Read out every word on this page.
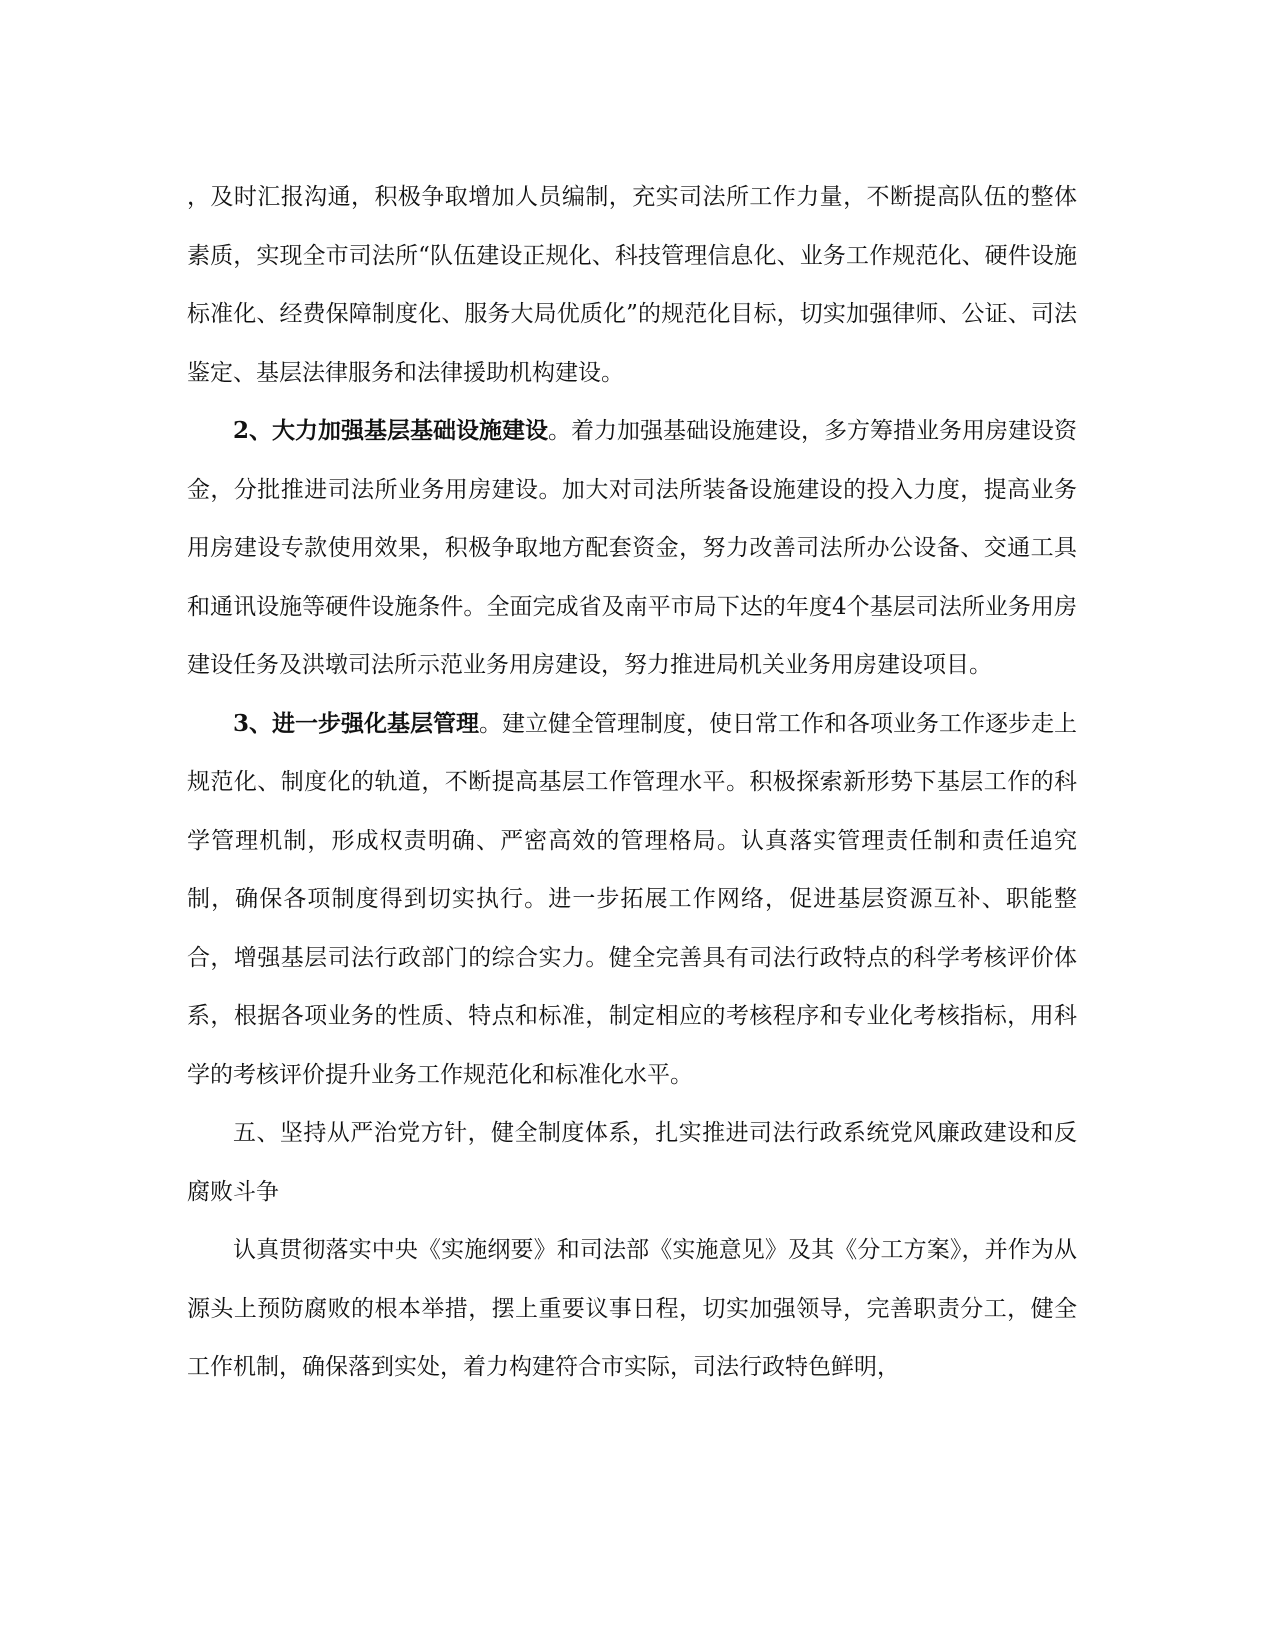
，及时汇报沟通，积极争取增加人员编制，充实司法所工作力量，不断提高队伍的整体素质，实现全市司法所“队伍建设正规化、科技管理信息化、业务工作规范化、硬件设施标准化、经费保障制度化、服务大局优质化”的规范化目标，切实加强律师、公证、司法鉴定、基层法律服务和法律援助机构建设。

2、大力加强基层基础设施建设。着力加强基础设施建设，多方筹措业务用房建设资金，分批推进司法所业务用房建设。加大对司法所装备设施建设的投入力度，提高业务用房建设专款使用效果，积极争取地方配套资金，努力改善司法所办公设备、交通工具和通讯设施等硬件设施条件。全面完成省及南平市局下达的年度4个基层司法所业务用房建设任务及洪墩司法所示范业务用房建设，努力推进局机关业务用房建设项目。

3、进一步强化基层管理。建立健全管理制度，使日常工作和各项业务工作逐步走上规范化、制度化的轨道，不断提高基层工作管理水平。积极探索新形势下基层工作的科学管理机制，形成权责明确、严密高效的管理格局。认真落实管理责任制和责任追究制，确保各项制度得到切实执行。进一步拓展工作网络，促进基层资源互补、职能整合，增强基层司法行政部门的综合实力。健全完善具有司法行政特点的科学考核评价体系，根据各项业务的性质、特点和标准，制定相应的考核程序和专业化考核指标，用科学的考核评价提升业务工作规范化和标准化水平。

五、坚持从严治党方针，健全制度体系，扎实推进司法行政系统党风廉政建设和反腐败斗争

认真贯彻落实中央《实施纲要》和司法部《实施意见》及其《分工方案》，并作为从源头上预防腐败的根本举措，摆上重要议事日程，切实加强领导，完善职责分工，健全工作机制，确保落到实处，着力构建符合市实际，司法行政特色鲜明，
